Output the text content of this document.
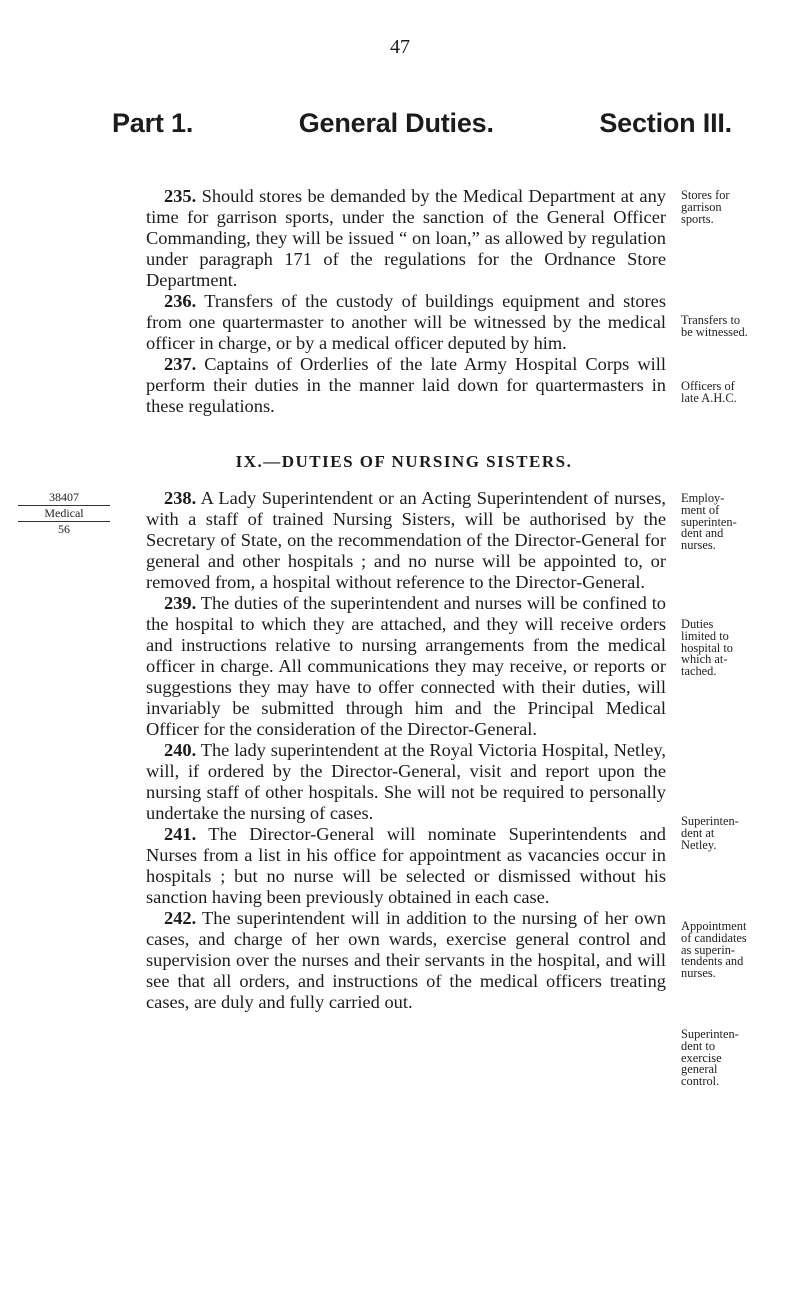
47
Part 1.	General Duties.	Section III.

235. Should stores be demanded by the Medical Department at any time for garrison sports, under the sanction of the General Officer Commanding, they will be issued “ on loan,” as allowed by regulation under paragraph 171 of the regulations for the Ordnance Store Department.

236. Transfers of the custody of buildings equipment and stores from one quartermaster to another will be witnessed by the medical officer in charge, or by a medical officer deputed by him.

237. Captains of Orderlies of the late Army Hospital Corps will perform their duties in the manner laid down for quartermasters in these regulations.

IX.—DUTIES OF NURSING SISTERS.

238. A Lady Superintendent or an Acting Superintendent of nurses, with a staff of trained Nursing Sisters, will be authorised by the Secretary of State, on the recommendation of the Director-General for general and other hospitals ; and no nurse will be appointed to, or removed from, a hospital without reference to the Director-General.

239. The duties of the superintendent and nurses will be confined to the hospital to which they are attached, and they will receive orders and instructions relative to nursing arrangements from the medical officer in charge. All communications they may receive, or reports or suggestions they may have to offer connected with their duties, will invariably be submitted through him and the Principal Medical Officer for the consideration of the Director-General.

240. The lady superintendent at the Royal Victoria Hospital, Netley, will, if ordered by the Director-General, visit and report upon the nursing staff of other hospitals. She will not be required to personally undertake the nursing of cases.

241. The Director-General will nominate Superintendents and Nurses from a list in his office for appointment as vacancies occur in hospitals ; but no nurse will be selected or dismissed without his sanction having been previously obtained in each case.

242. The superintendent will in addition to the nursing of her own cases, and charge of her own wards, exercise general control and supervision over the nurses and their servants in the hospital, and will see that all orders, and instructions of the medical officers treating cases, are duly and fully carried out.

Stores for
garrison
sports.
Transfers to
be witnessed.
Officers of
late A.H.C.
Employ-
ment of
superinten-
dent and
nurses.
Duties
limited to
hospital to
which at-
tached.
Superinten-
dent at
Netley.
Appointment
of candidates
as superin-
tendents and
nurses.
Superinten-
dent to
exercise
general
control.
38407
Medical
56
